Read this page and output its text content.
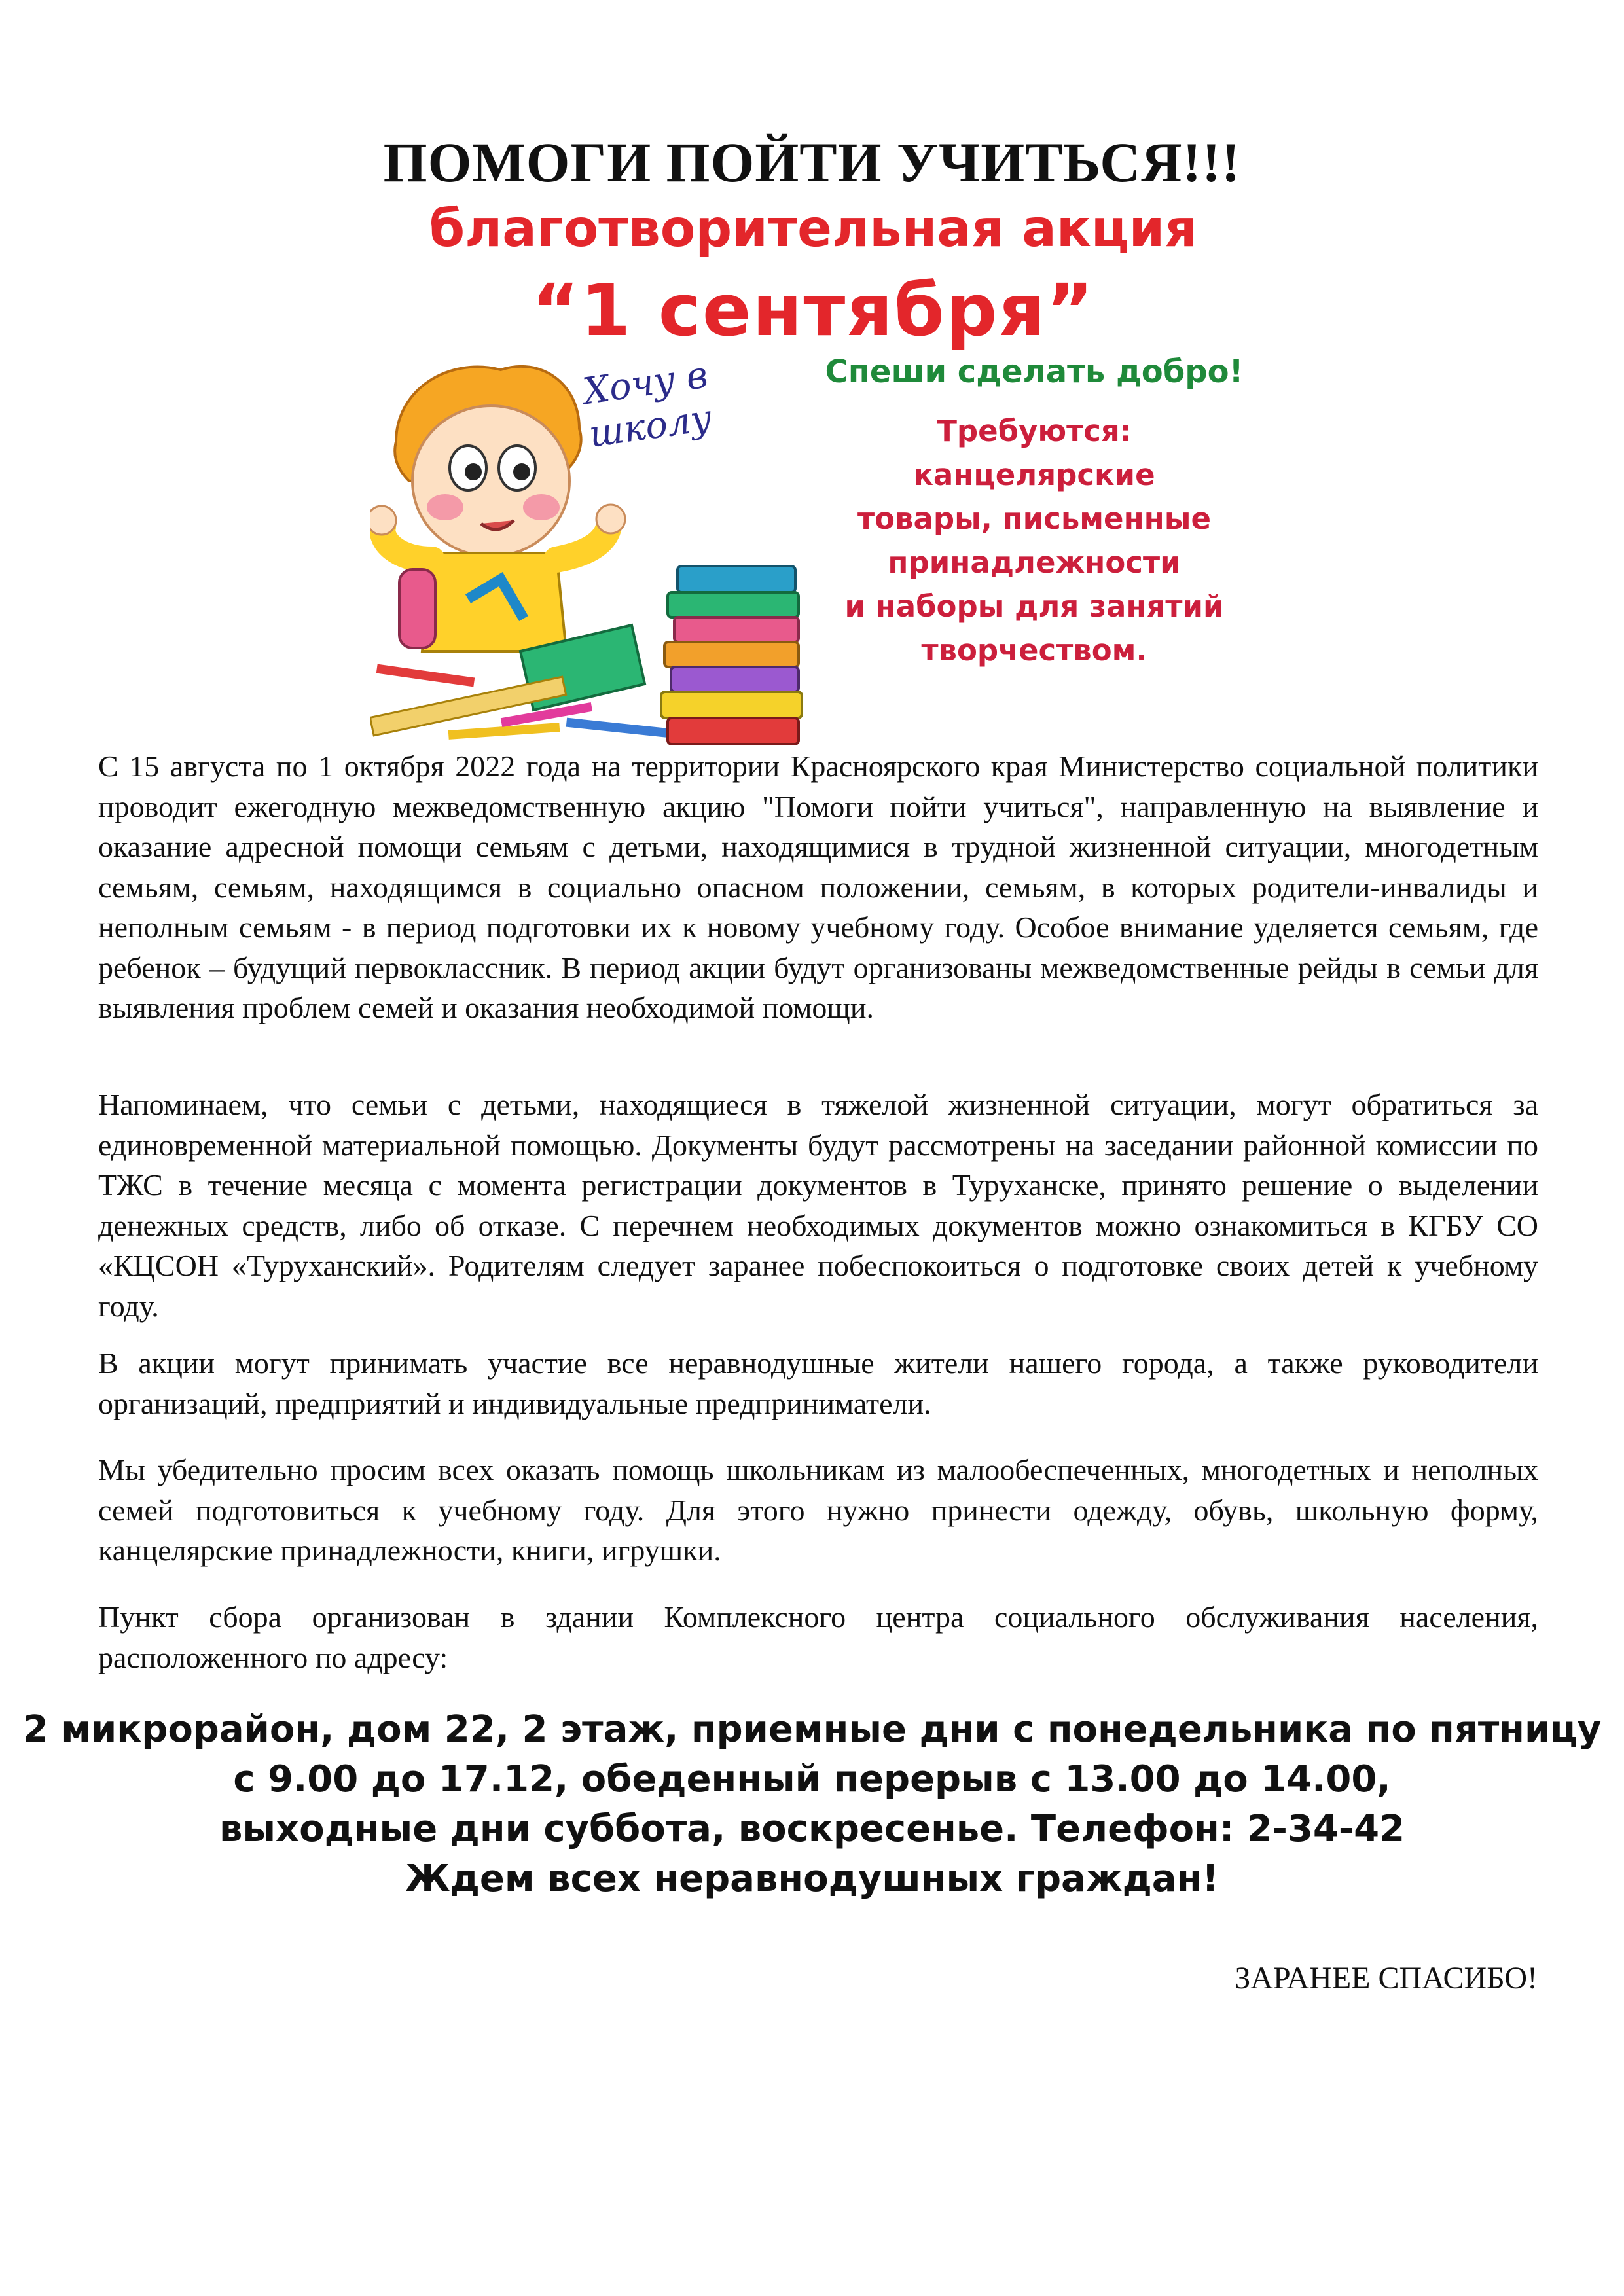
ПОМОГИ ПОЙТИ УЧИТЬСЯ!!!
благотворительная акция
“1 сентября”
Хочу в
школу
Спеши сделать добро!
Требуются: канцелярские
товары, письменные
принадлежности
и наборы для занятий
творчеством.

С 15 августа по 1 октября 2022 года на территории Красноярского края Министерство социальной политики проводит ежегодную межведомственную акцию "Помоги пойти учиться", направленную на выявление и оказание адресной помощи семьям с детьми, находящимися в трудной жизненной ситуации, многодетным семьям, семьям, находящимся в социально опасном положении, семьям, в которых родители-инвалиды и неполным семьям - в период подготовки их к новому учебному году. Особое внимание уделяется семьям, где ребенок – будущий первоклассник. В период акции будут организованы межведомственные рейды в семьи для выявления проблем семей и оказания необходимой помощи.

Напоминаем, что семьи с детьми, находящиеся в тяжелой жизненной ситуации, могут обратиться за единовременной материальной помощью. Документы будут рассмотрены на заседании районной комиссии по ТЖС в течение месяца с момента регистрации документов в Туруханске, принято решение о выделении денежных средств, либо об отказе. С перечнем необходимых документов можно ознакомиться в КГБУ СО «КЦСОН «Туруханский». Родителям следует заранее побеспокоиться о подготовке своих детей к учебному году.

В акции могут принимать участие все неравнодушные жители нашего города, а также руководители организаций, предприятий и индивидуальные предприниматели.

Мы убедительно просим всех оказать помощь школьникам из малообеспеченных, многодетных и неполных семей подготовиться к учебному году. Для этого нужно принести одежду, обувь, школьную форму, канцелярские принадлежности, книги, игрушки.

Пункт сбора организован в здании Комплексного центра социального обслуживания населения, расположенного по адресу:

2 микрорайон, дом 22, 2 этаж, приемные дни с понедельника по пятницу
с 9.00 до 17.12, обеденный перерыв с 13.00 до 14.00,
выходные дни суббота, воскресенье. Телефон: 2-34-42
Ждем всех неравнодушных граждан!
ЗАРАНЕЕ СПАСИБО!
